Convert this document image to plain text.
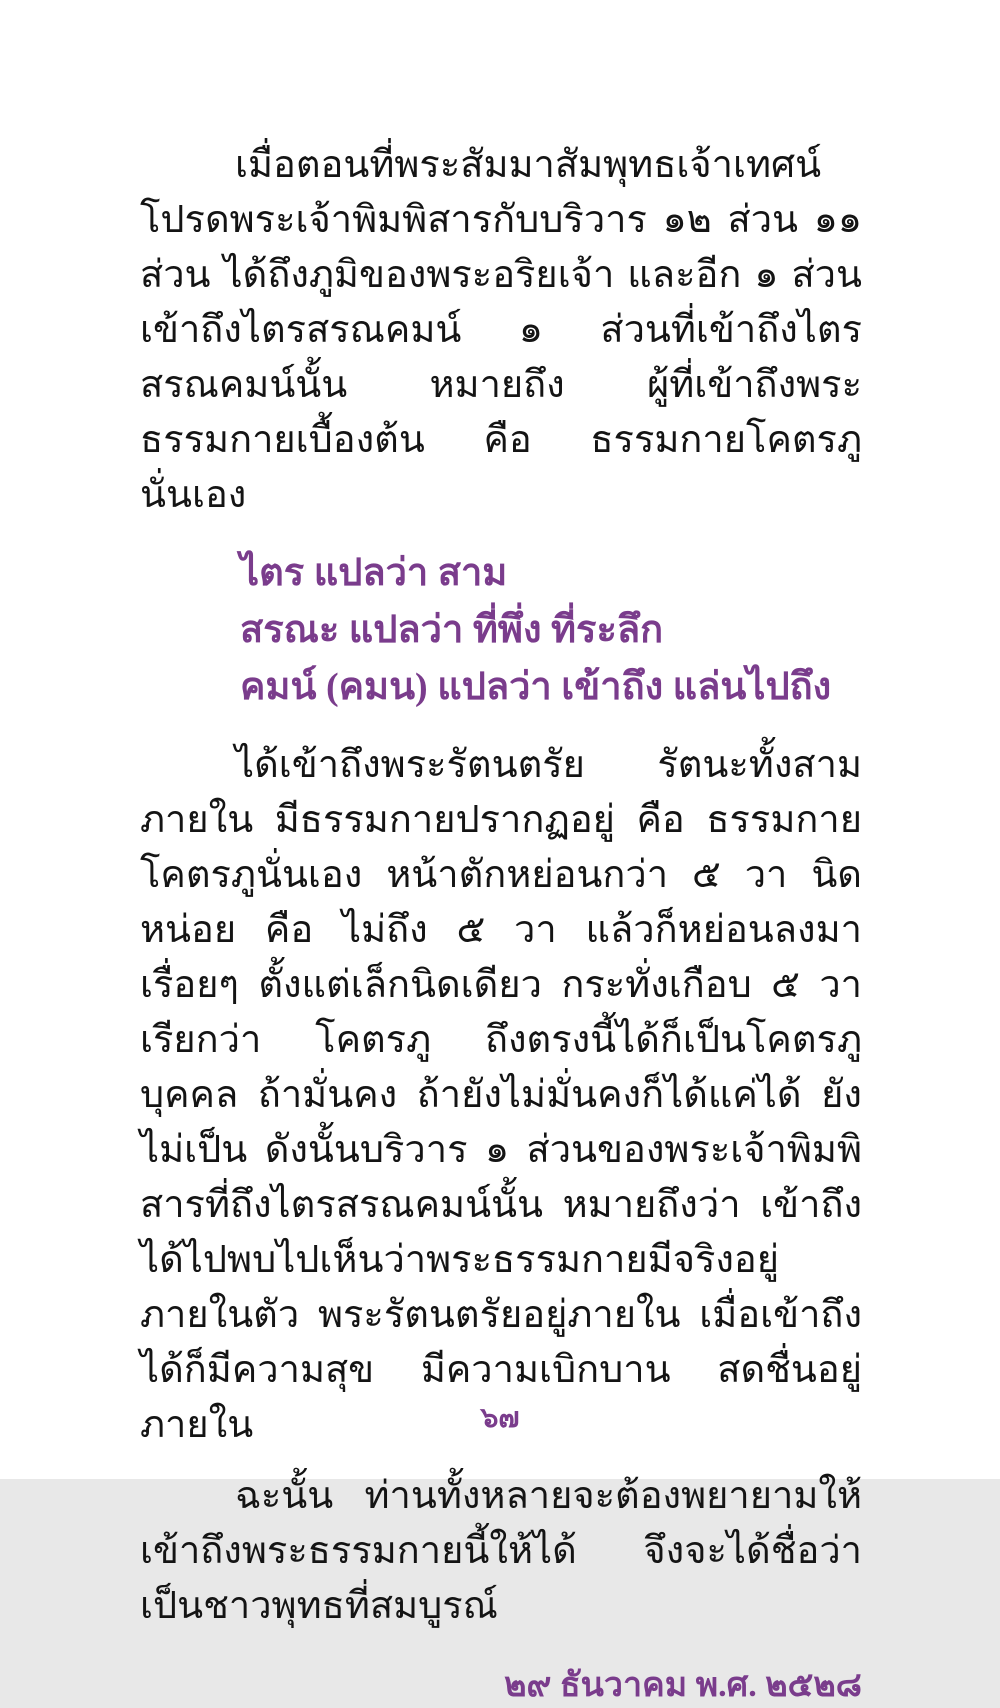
เมื่อตอนที่พระสัมมาสัมพุทธเจ้าเทศน์โปรดพระเจ้าพิมพิสารกับบริวาร ๑๒ ส่วน ๑๑ ส่วน ได้ถึงภูมิของพระอริยเจ้า และอีก ๑ ส่วน เข้าถึงไตรสรณคมน์ ๑ ส่วนที่เข้าถึงไตรสรณคมน์นั้น หมายถึง ผู้ที่เข้าถึงพระธรรมกายเบื้องต้น คือ ธรรมกายโคตรภูนั่นเอง

ไตร แปลว่า สาม
สรณะ แปลว่า ที่พึ่ง ที่ระลึก
คมน์ (คมน) แปลว่า เข้าถึง แล่นไปถึง

ได้เข้าถึงพระรัตนตรัย รัตนะทั้งสามภายใน มีธรรมกายปรากฏอยู่ คือ ธรรมกายโคตรภูนั่นเอง หน้าตักหย่อนกว่า ๕ วา นิดหน่อย คือ ไม่ถึง ๕ วา แล้วก็หย่อนลงมาเรื่อยๆ ตั้งแต่เล็กนิดเดียว กระทั่งเกือบ ๕ วา เรียกว่า โคตรภู ถึงตรงนี้ได้ก็เป็นโคตรภูบุคคล ถ้ามั่นคง ถ้ายังไม่มั่นคงก็ได้แค่ได้ ยังไม่เป็น ดังนั้นบริวาร ๑ ส่วนของพระเจ้าพิมพิสารที่ถึงไตรสรณคมน์นั้น หมายถึงว่า เข้าถึง ได้ไปพบไปเห็นว่าพระธรรมกายมีจริงอยู่ภายในตัว พระรัตนตรัยอยู่ภายใน เมื่อเข้าถึงได้ก็มีความสุข มีความเบิกบาน สดชื่นอยู่ภายใน

ฉะนั้น ท่านทั้งหลายจะต้องพยายามให้เข้าถึงพระธรรมกายนี้ให้ได้ จึงจะได้ชื่อว่า เป็นชาวพุทธที่สมบูรณ์

๒๙ ธันวาคม พ.ศ. ๒๕๒๘
๖๗
